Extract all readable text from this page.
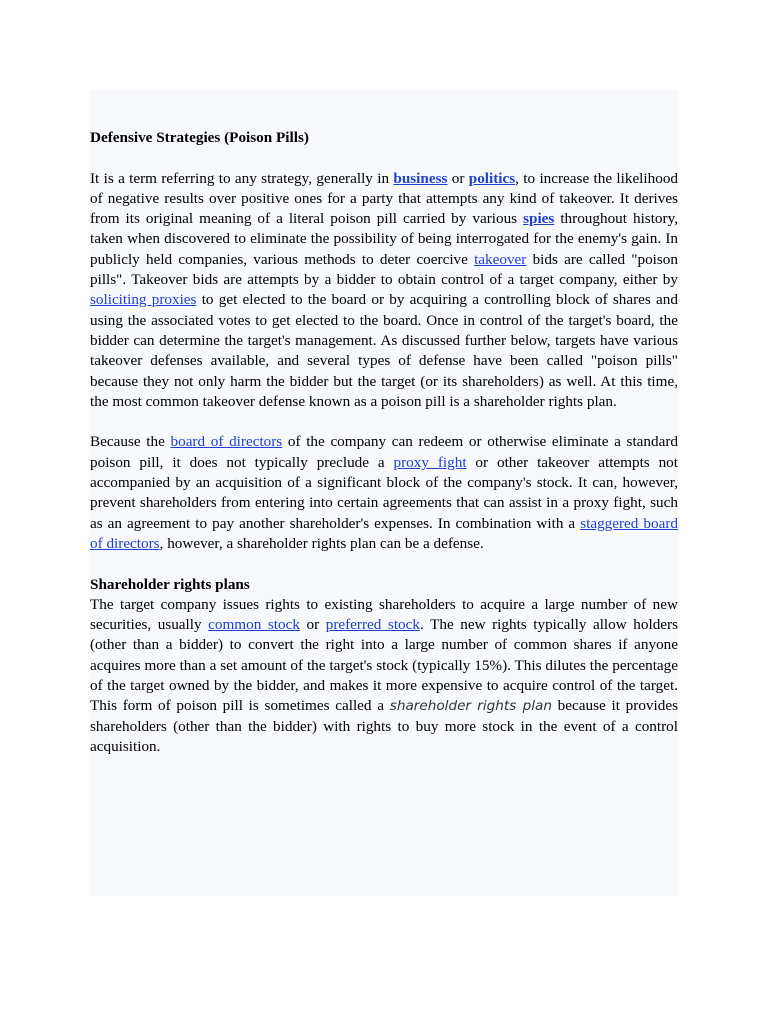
Defensive Strategies (Poison Pills)

It is a term referring to any strategy, generally in business or politics, to increase the likelihood of negative results over positive ones for a party that attempts any kind of takeover. It derives from its original meaning of a literal poison pill carried by various spies throughout history, taken when discovered to eliminate the possibility of being interrogated for the enemy's gain. In publicly held companies, various methods to deter coercive takeover bids are called "poison pills". Takeover bids are attempts by a bidder to obtain control of a target company, either by soliciting proxies to get elected to the board or by acquiring a controlling block of shares and using the associated votes to get elected to the board. Once in control of the target's board, the bidder can determine the target's management. As discussed further below, targets have various takeover defenses available, and several types of defense have been called "poison pills" because they not only harm the bidder but the target (or its shareholders) as well. At this time, the most common takeover defense known as a poison pill is a shareholder rights plan.

Because the board of directors of the company can redeem or otherwise eliminate a standard poison pill, it does not typically preclude a proxy fight or other takeover attempts not accompanied by an acquisition of a significant block of the company's stock. It can, however, prevent shareholders from entering into certain agreements that can assist in a proxy fight, such as an agreement to pay another shareholder's expenses. In combination with a staggered board of directors, however, a shareholder rights plan can be a defense.

Shareholder rights plans

The target company issues rights to existing shareholders to acquire a large number of new securities, usually common stock or preferred stock. The new rights typically allow holders (other than a bidder) to convert the right into a large number of common shares if anyone acquires more than a set amount of the target's stock (typically 15%). This dilutes the percentage of the target owned by the bidder, and makes it more expensive to acquire control of the target. This form of poison pill is sometimes called a shareholder rights plan because it provides shareholders (other than the bidder) with rights to buy more stock in the event of a control acquisition.
